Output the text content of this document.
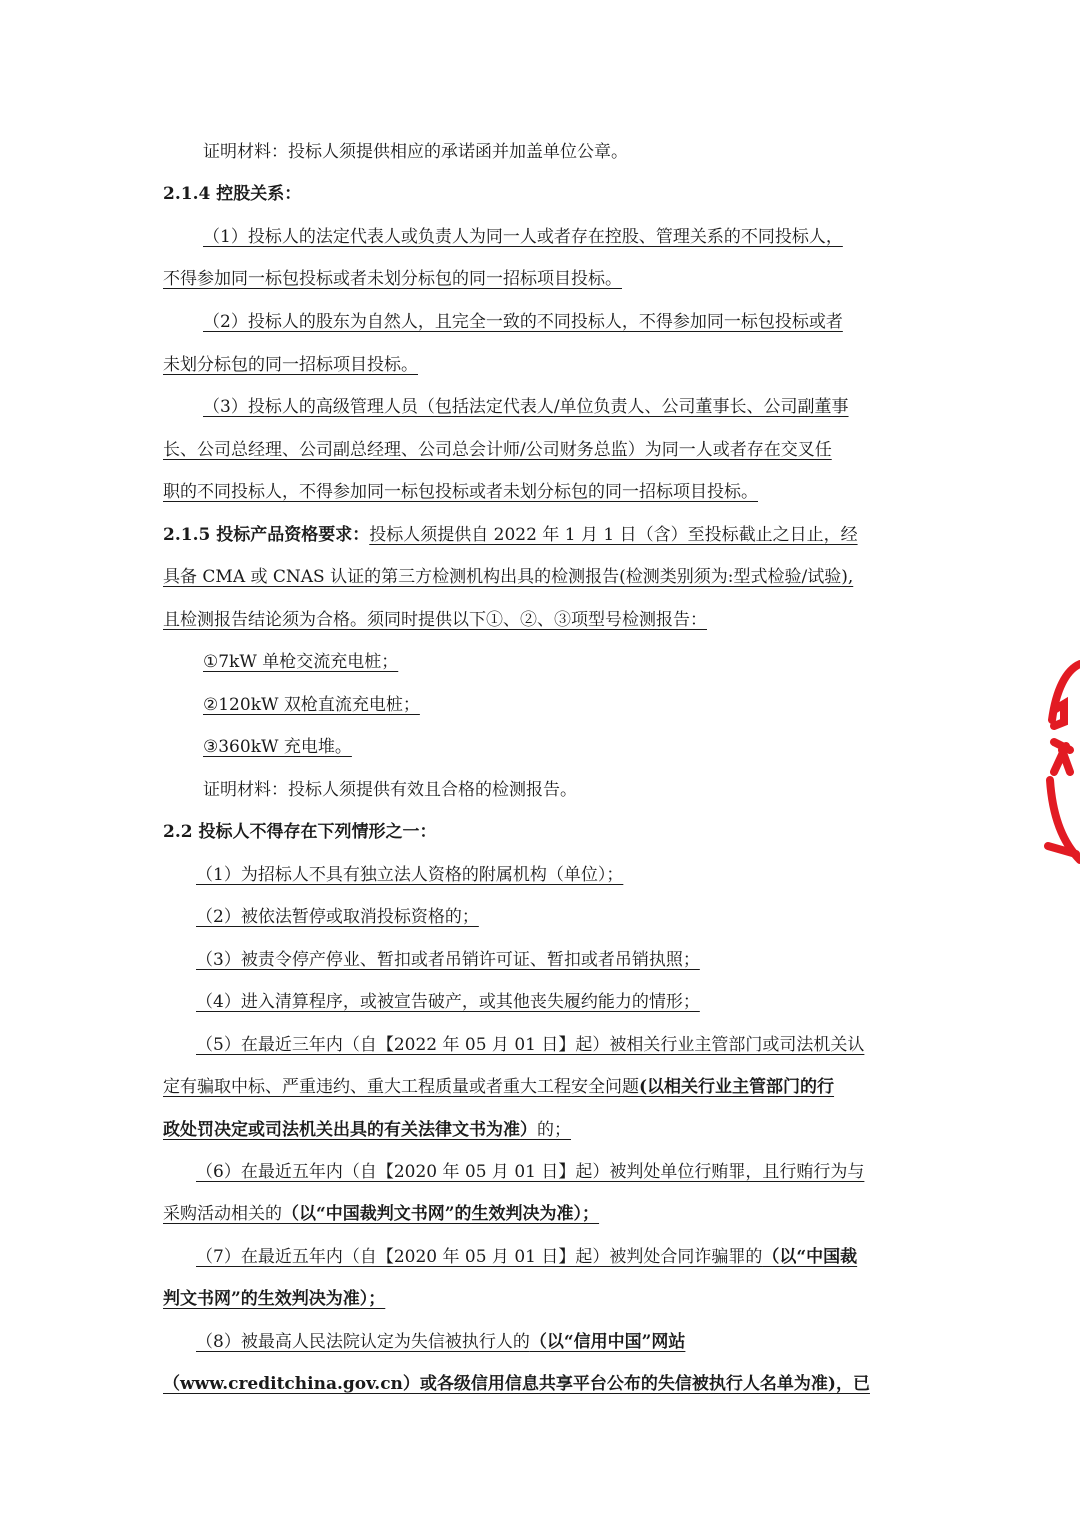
证明材料：投标人须提供相应的承诺函并加盖单位公章。
2.1.4 控股关系：
（1）投标人的法定代表人或负责人为同一人或者存在控股、管理关系的不同投标人，
不得参加同一标包投标或者未划分标包的同一招标项目投标。
（2）投标人的股东为自然人，且完全一致的不同投标人，不得参加同一标包投标或者
未划分标包的同一招标项目投标。
（3）投标人的高级管理人员（包括法定代表人/单位负责人、公司董事长、公司副董事
长、公司总经理、公司副总经理、公司总会计师/公司财务总监）为同一人或者存在交叉任
职的不同投标人，不得参加同一标包投标或者未划分标包的同一招标项目投标。
2.1.5 投标产品资格要求：投标人须提供自 2022 年 1 月 1 日（含）至投标截止之日止，经
具备 CMA 或 CNAS 认证的第三方检测机构出具的检测报告(检测类别须为:型式检验/试验),
且检测报告结论须为合格。须同时提供以下①、②、③项型号检测报告：
①7kW 单枪交流充电桩；
②120kW 双枪直流充电桩；
③360kW 充电堆。
证明材料：投标人须提供有效且合格的检测报告。
2.2 投标人不得存在下列情形之一：
（1）为招标人不具有独立法人资格的附属机构（单位）；
（2）被依法暂停或取消投标资格的；
（3）被责令停产停业、暂扣或者吊销许可证、暂扣或者吊销执照；
（4）进入清算程序，或被宣告破产，或其他丧失履约能力的情形；
（5）在最近三年内（自【2022 年 05 月 01 日】起）被相关行业主管部门或司法机关认
定有骗取中标、严重违约、重大工程质量或者重大工程安全问题(以相关行业主管部门的行
政处罚决定或司法机关出具的有关法律文书为准）的；
（6）在最近五年内（自【2020 年 05 月 01 日】起）被判处单位行贿罪，且行贿行为与
采购活动相关的（以“中国裁判文书网”的生效判决为准）；
（7）在最近五年内（自【2020 年 05 月 01 日】起）被判处合同诈骗罪的（以“中国裁
判文书网”的生效判决为准）；
（8）被最高人民法院认定为失信被执行人的（以“信用中国”网站
（www.creditchina.gov.cn）或各级信用信息共享平台公布的失信被执行人名单为准)，已
